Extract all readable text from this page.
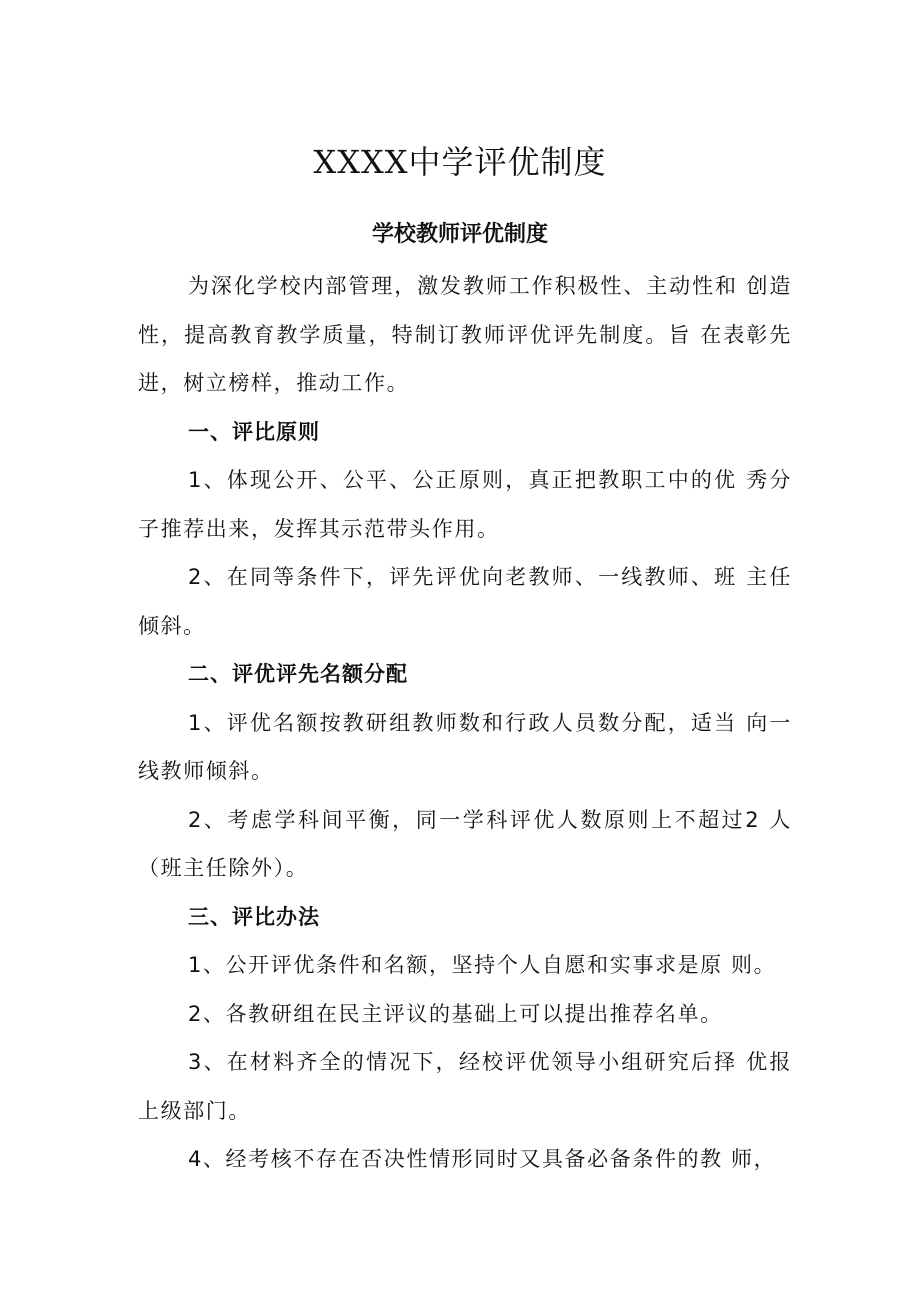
XXXX中学评优制度
学校教师评优制度

为深化学校内部管理，激发教师工作积极性、主动性和 创造性，提高教育教学质量，特制订教师评优评先制度。旨 在表彰先进，树立榜样，推动工作。

一、评比原则

1、体现公开、公平、公正原则，真正把教职工中的优 秀分子推荐出来，发挥其示范带头作用。

2、在同等条件下，评先评优向老教师、一线教师、班 主任倾斜。

二、评优评先名额分配

1、评优名额按教研组教师数和行政人员数分配，适当 向一线教师倾斜。

2、考虑学科间平衡，同一学科评优人数原则上不超过2 人（班主任除外）。

三、评比办法

1、公开评优条件和名额，坚持个人自愿和实事求是原 则。

2、各教研组在民主评议的基础上可以提出推荐名单。

3、在材料齐全的情况下，经校评优领导小组研究后择 优报上级部门。

4、经考核不存在否决性情形同时又具备必备条件的教 师，
